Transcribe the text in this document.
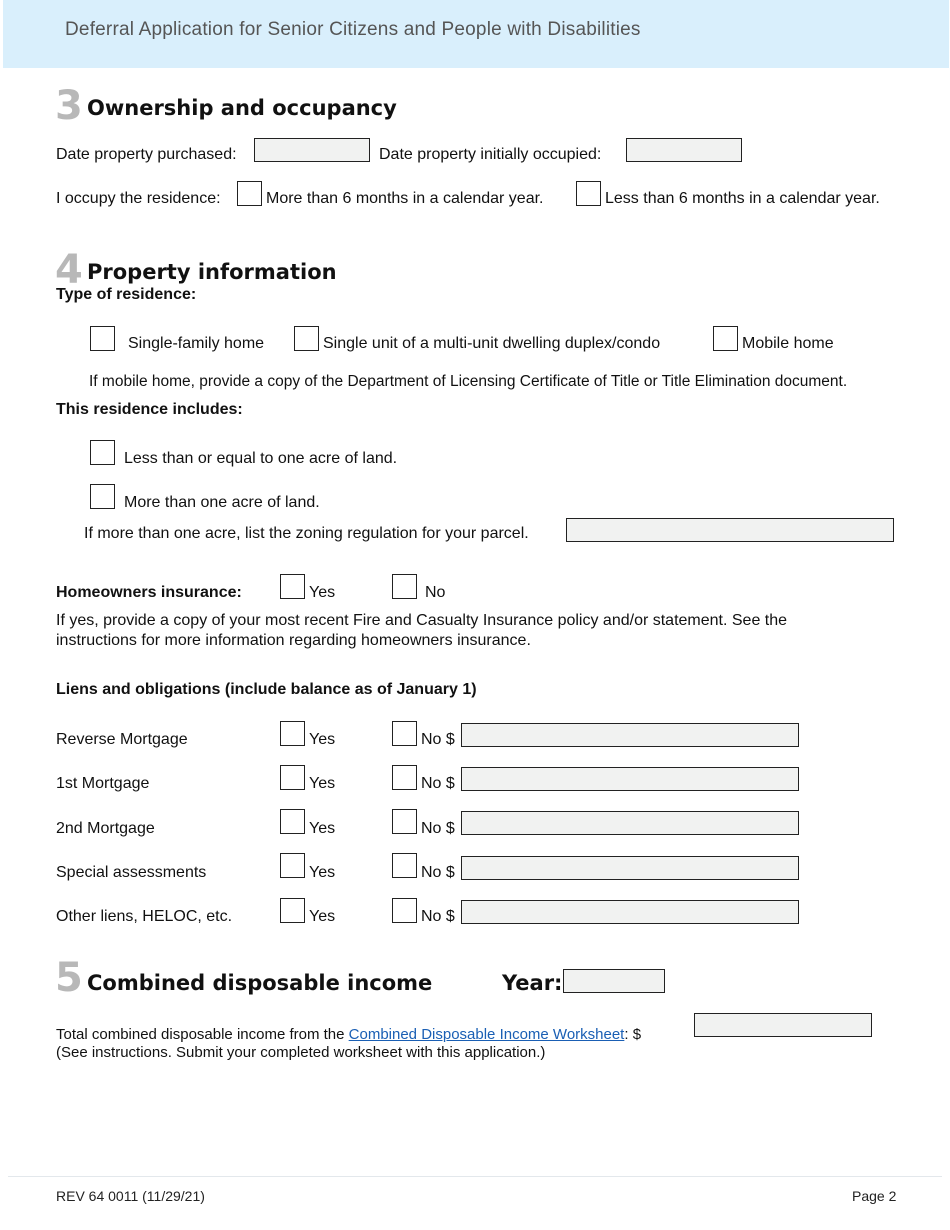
Deferral Application for Senior Citizens and People with Disabilities
3 Ownership and occupancy
Date property purchased:	Date property initially occupied:
I occupy the residence:	More than 6 months in a calendar year.	Less than 6 months in a calendar year.
4 Property information
Type of residence:
Single-family home	Single unit of a multi-unit dwelling duplex/condo	Mobile home
If mobile home, provide a copy of the Department of Licensing Certificate of Title or Title Elimination document.
This residence includes:
Less than or equal to one acre of land.
More than one acre of land.
If more than one acre, list the zoning regulation for your parcel.
Homeowners insurance:	Yes	No
If yes, provide a copy of your most recent Fire and Casualty Insurance policy and/or statement. See the
instructions for more information regarding homeowners insurance.
Liens and obligations (include balance as of January 1)
Reverse Mortgage	Yes	No $
1st Mortgage	Yes	No $
2nd Mortgage	Yes	No $
Special assessments	Yes	No $
Other liens, HELOC, etc.	Yes	No $
5 Combined disposable income	Year:
Total combined disposable income from the Combined Disposable Income Worksheet: $
(See instructions. Submit your completed worksheet with this application.)
REV 64 0011 (11/29/21)	Page 2
